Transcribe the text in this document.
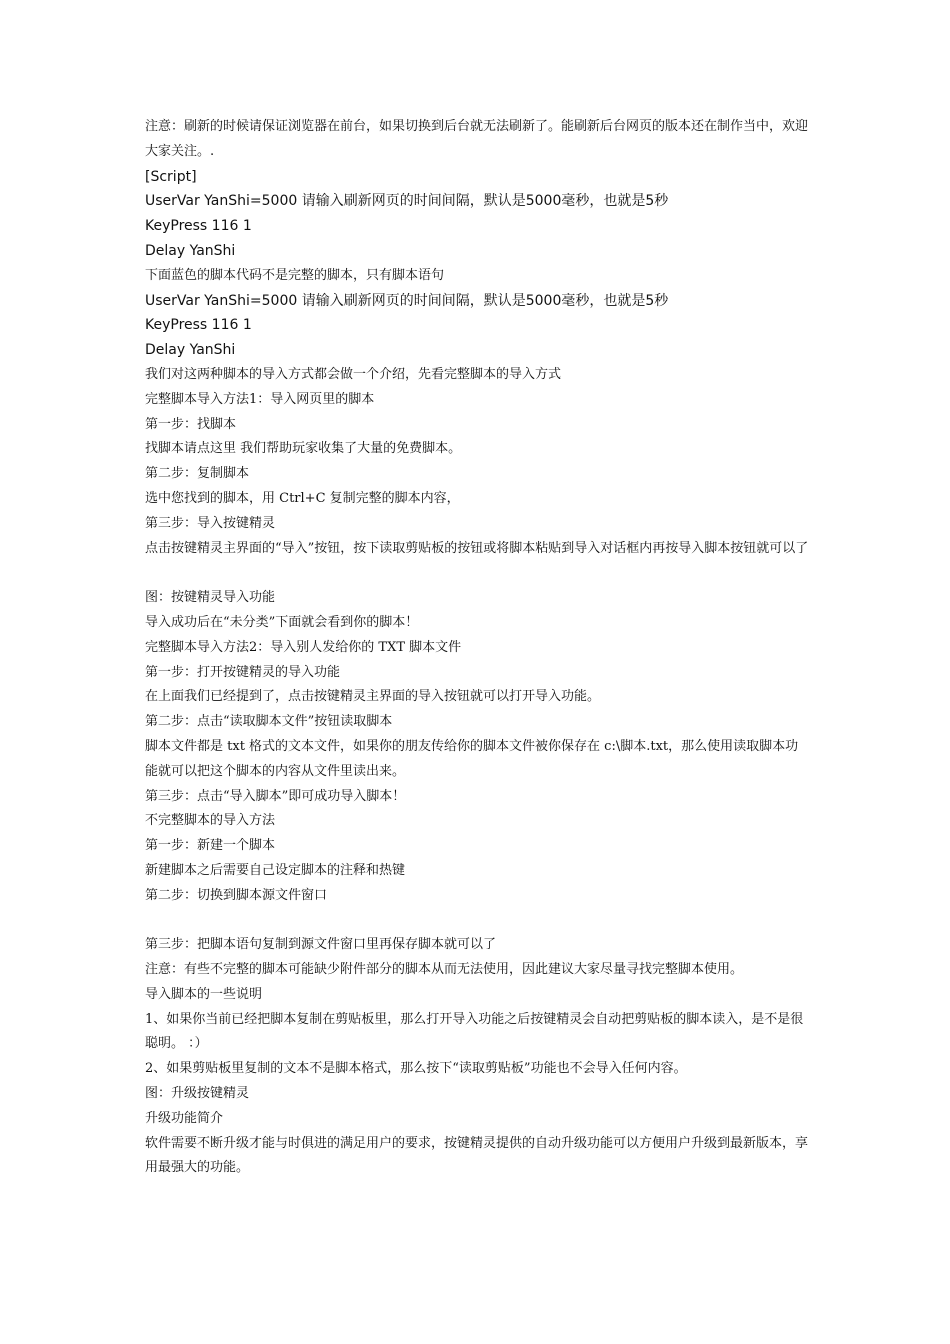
注意：刷新的时候请保证浏览器在前台，如果切换到后台就无法刷新了。能刷新后台网页的版本还在制作当中，欢迎大家关注。.
[Script]
UserVar YanShi=5000 请输入刷新网页的时间间隔，默认是5000毫秒，也就是5秒
KeyPress 116 1
Delay YanShi
下面蓝色的脚本代码不是完整的脚本，只有脚本语句
UserVar YanShi=5000 请输入刷新网页的时间间隔，默认是5000毫秒，也就是5秒
KeyPress 116 1
Delay YanShi
我们对这两种脚本的导入方式都会做一个介绍，先看完整脚本的导入方式
完整脚本导入方法1：导入网页里的脚本
第一步：找脚本
找脚本请点这里 我们帮助玩家收集了大量的免费脚本。
第二步：复制脚本
选中您找到的脚本，用 Ctrl+C 复制完整的脚本内容，
第三步：导入按键精灵
点击按键精灵主界面的“导入”按钮，按下读取剪贴板的按钮或将脚本粘贴到导入对话框内再按导入脚本按钮就可以了
图：按键精灵导入功能
导入成功后在“未分类”下面就会看到你的脚本！
完整脚本导入方法2：导入别人发给你的 TXT 脚本文件
第一步：打开按键精灵的导入功能
在上面我们已经提到了，点击按键精灵主界面的导入按钮就可以打开导入功能。
第二步：点击“读取脚本文件”按钮读取脚本
脚本文件都是 txt 格式的文本文件，如果你的朋友传给你的脚本文件被你保存在 c:\脚本.txt，那么使用读取脚本功能就可以把这个脚本的内容从文件里读出来。
第三步：点击“导入脚本”即可成功导入脚本！
不完整脚本的导入方法
第一步：新建一个脚本
新建脚本之后需要自己设定脚本的注释和热键
第二步：切换到脚本源文件窗口
第三步：把脚本语句复制到源文件窗口里再保存脚本就可以了
注意：有些不完整的脚本可能缺少附件部分的脚本从而无法使用，因此建议大家尽量寻找完整脚本使用。
导入脚本的一些说明
1、如果你当前已经把脚本复制在剪贴板里，那么打开导入功能之后按键精灵会自动把剪贴板的脚本读入，是不是很聪明。 ：）
2、如果剪贴板里复制的文本不是脚本格式，那么按下“读取剪贴板”功能也不会导入任何内容。
图：升级按键精灵
升级功能简介
软件需要不断升级才能与时俱进的满足用户的要求，按键精灵提供的自动升级功能可以方便用户升级到最新版本，享用最强大的功能。
